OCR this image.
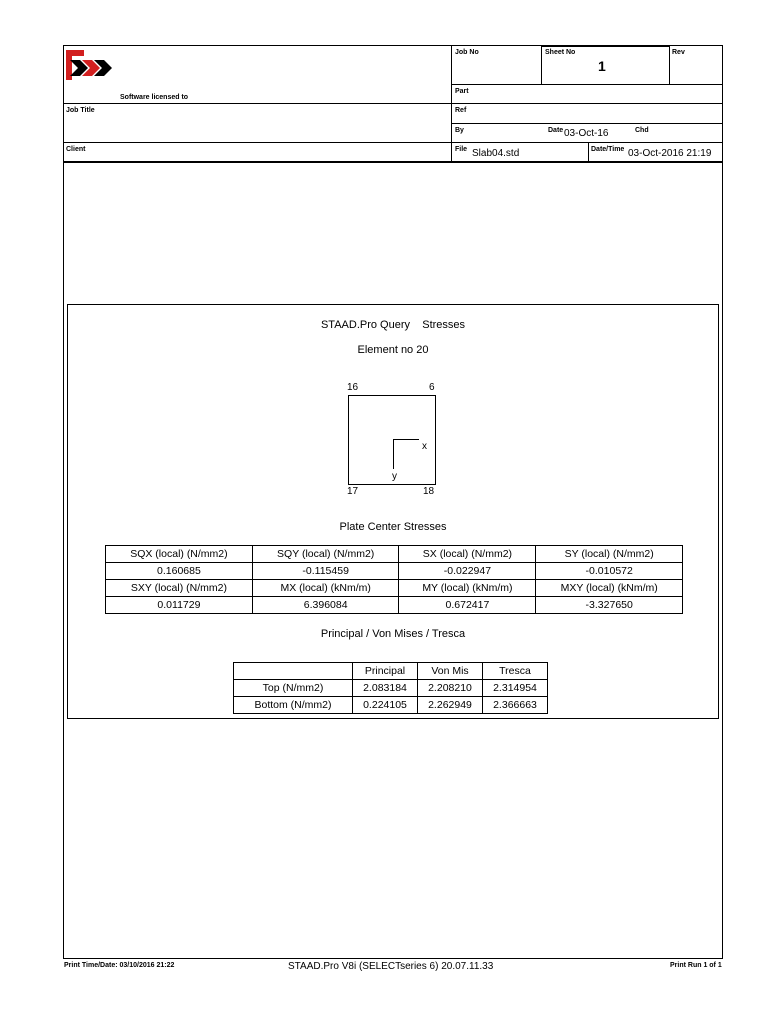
Software licensed to
Job No	Sheet No
1
Rev
Part
Job Title	Ref
By	Date 03-Oct-16	Chd
Client	File Slab04.std	Date/Time 03-Oct-2016 21:19
STAAD.Pro Query    Stresses
Element no 20
16	6
x
y
17	18
Plate Center Stresses
SQX (local) (N/mm2)	SQY (local) (N/mm2)	SX (local) (N/mm2)	SY (local) (N/mm2)
0.160685	-0.115459	-0.022947	-0.010572
SXY (local) (N/mm2)	MX (local) (kNm/m)	MY (local) (kNm/m)	MXY (local) (kNm/m)
0.011729	6.396084	0.672417	-3.327650
Principal / Von Mises / Tresca
	Principal	Von Mis	Tresca
Top (N/mm2)	2.083184	2.208210	2.314954
Bottom (N/mm2)	0.224105	2.262949	2.366663
Print Time/Date: 03/10/2016 21:22	STAAD.Pro V8i (SELECTseries 6) 20.07.11.33	Print Run 1 of 1
